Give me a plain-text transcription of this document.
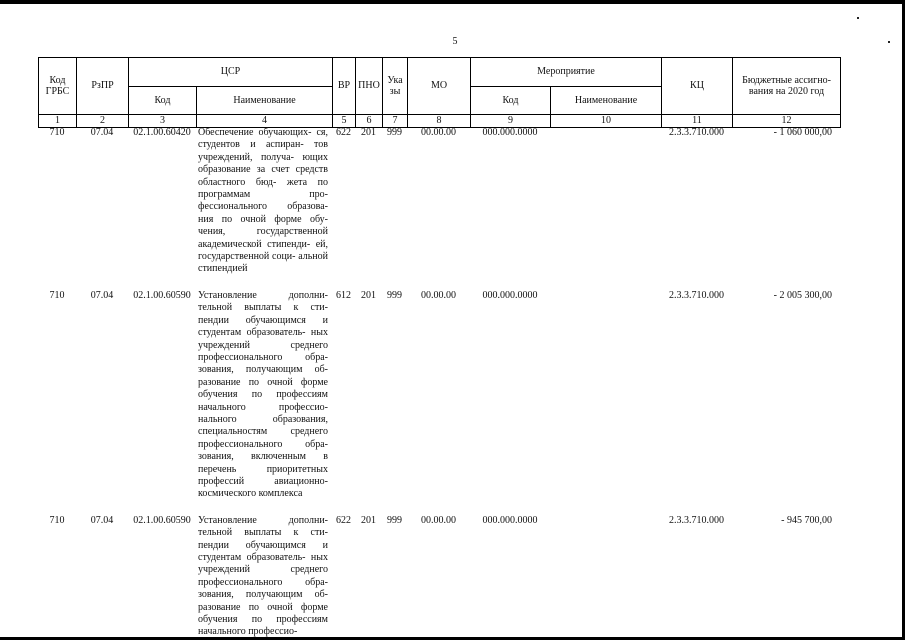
5
Код ГРБС	РзПР	ЦСР		ВР	ПНО	Ука зы	МО	Мероприятие		КЦ	Бюджетные ассигно- вания на 2020 год
		Код	Наименование					Код	Наименование		
1	2	3	4	5	6	7	8	9	10	11	12
710	07.04	02.1.00.60420	Обеспечение обучающих- ся, студентов и аспиран- тов учреждений, получа- ющих образование за счет средств областного бюд- жета по программам про- фессионального образова- ния по очной форме обу- чения, государственной академической стипенди- ей, государственной соци- альной стипендией	622	201	999	00.00.00	000.000.0000		2.3.3.710.000	- 1 060 000,00

710	07.04	02.1.00.60590	Установление дополни- тельной выплаты к сти- пендии обучающимся и студентам образователь- ных учреждений среднего профессионального обра- зования, получающим об- разование по очной форме обучения по профессиям начального профессио- нального образования, специальностям среднего профессионального обра- зования, включенным в перечень приоритетных профессий авиационно- космического комплекса	612	201	999	00.00.00	000.000.0000		2.3.3.710.000	- 2 005 300,00

710	07.04	02.1.00.60590	Установление дополни- тельной выплаты к сти- пендии обучающимся и студентам образователь- ных учреждений среднего профессионального обра- зования, получающим об- разование по очной форме обучения по профессиям начального профессио-	622	201	999	00.00.00	000.000.0000		2.3.3.710.000	- 945 700,00
